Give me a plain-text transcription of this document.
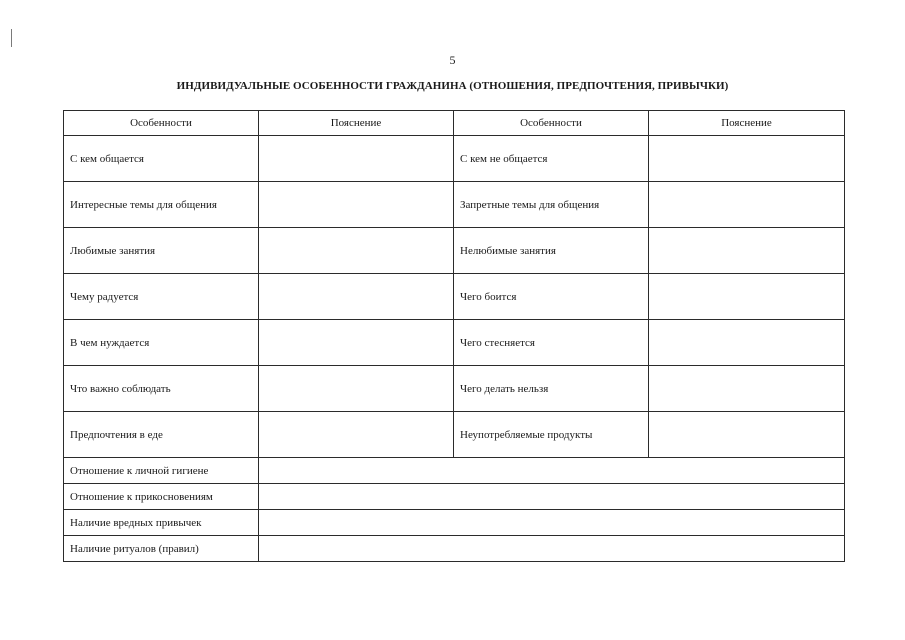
5
ИНДИВИДУАЛЬНЫЕ ОСОБЕННОСТИ ГРАЖДАНИНА (ОТНОШЕНИЯ, ПРЕДПОЧТЕНИЯ, ПРИВЫЧКИ)
Особенности	Пояснение	Особенности	Пояснение
С кем общается		С кем не общается	
Интересные темы для общения		Запретные темы для общения	
Любимые занятия		Нелюбимые занятия	
Чему радуется		Чего боится	
В чем нуждается		Чего стесняется	
Что важно соблюдать		Чего делать нельзя	
Предпочтения в еде		Неупотребляемые продукты	
Отношение к личной гигиене			
Отношение к прикосновениям			
Наличие вредных привычек			
Наличие ритуалов (правил)			
